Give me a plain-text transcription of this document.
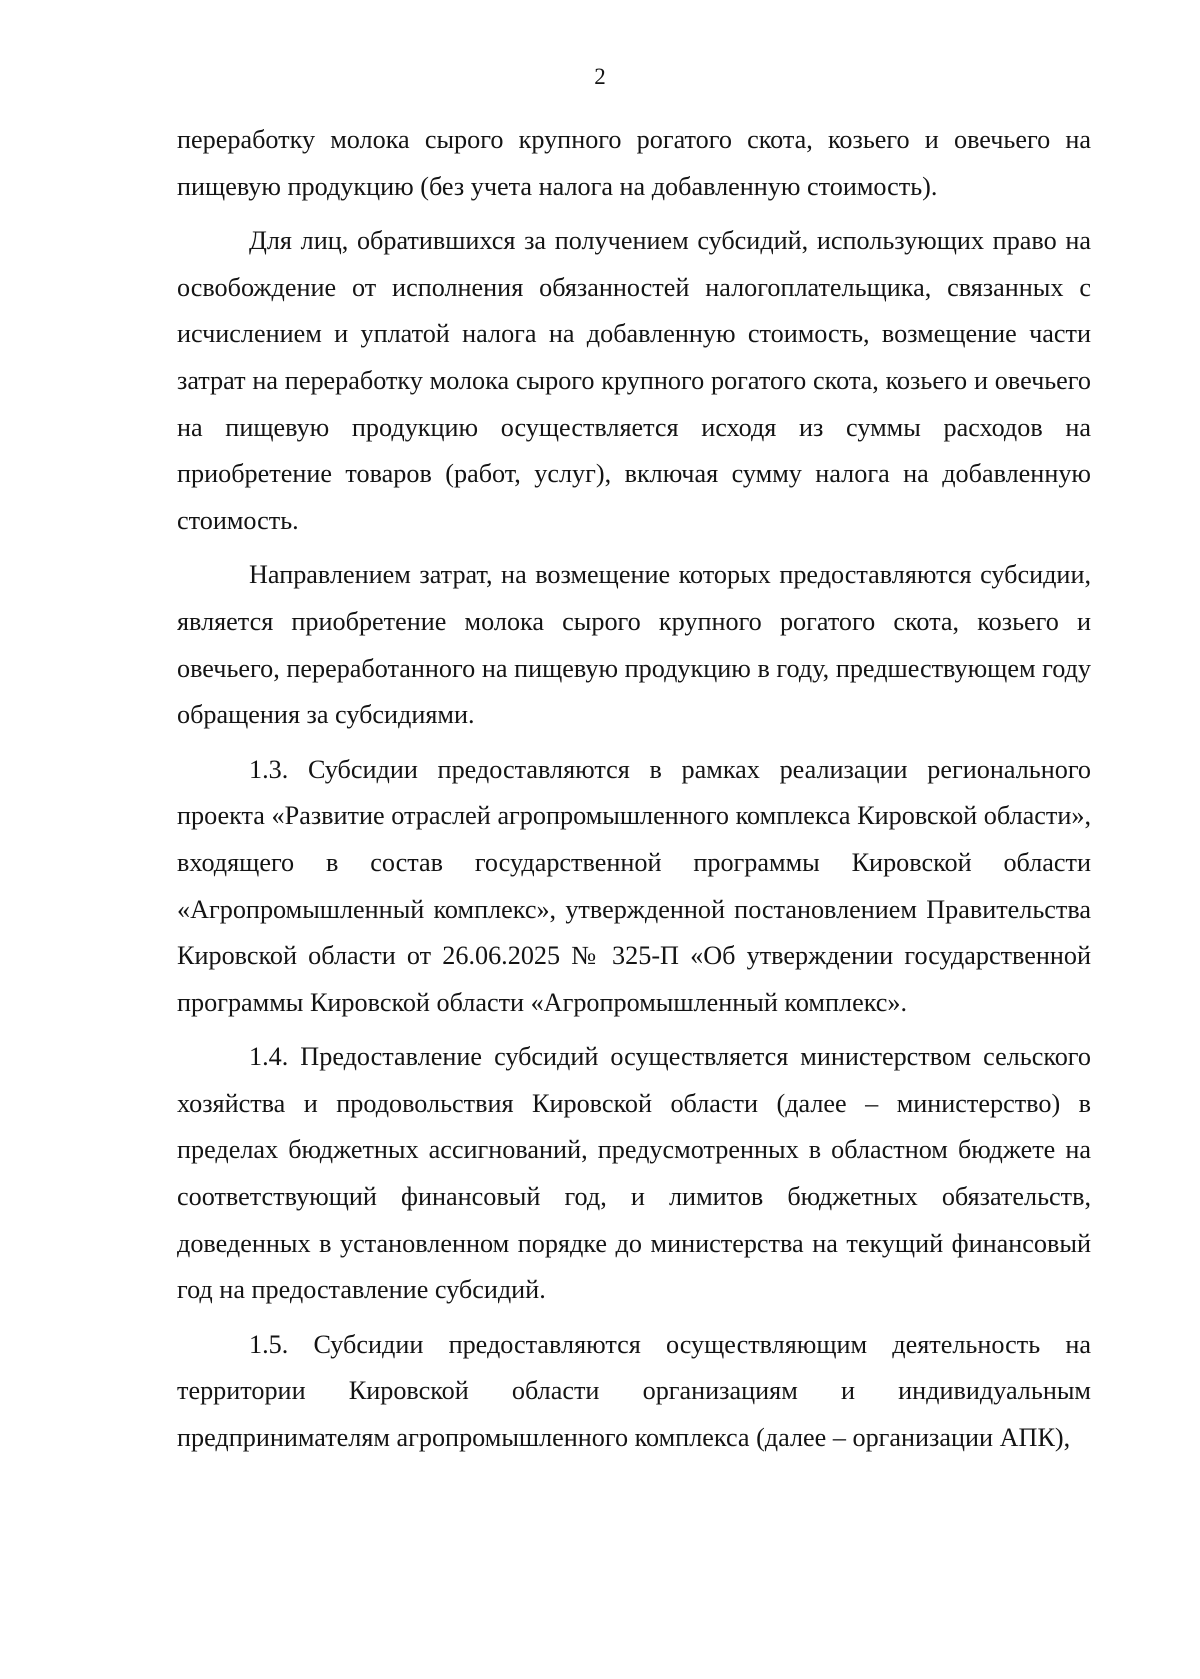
2

переработку молока сырого крупного рогатого скота, козьего и овечьего на пищевую продукцию (без учета налога на добавленную стоимость).

Для лиц, обратившихся за получением субсидий, использующих право на освобождение от исполнения обязанностей налогоплательщика, связанных с исчислением и уплатой налога на добавленную стоимость, возмещение части затрат на переработку молока сырого крупного рогатого скота, козьего и овечьего на пищевую продукцию осуществляется исходя из суммы расходов на приобретение товаров (работ, услуг), включая сумму налога на добавленную стоимость.

Направлением затрат, на возмещение которых предоставляются субсидии, является приобретение молока сырого крупного рогатого скота, козьего и овечьего, переработанного на пищевую продукцию в году, предшествующем году обращения за субсидиями.

1.3. Субсидии предоставляются в рамках реализации регионального проекта «Развитие отраслей агропромышленного комплекса Кировской области», входящего в состав государственной программы Кировской области «Агропромышленный комплекс», утвержденной постановлением Правительства Кировской области от 26.06.2025 № 325-П «Об утверждении государственной программы Кировской области «Агропромышленный комплекс».

1.4. Предоставление субсидий осуществляется министерством сельского хозяйства и продовольствия Кировской области (далее – министерство) в пределах бюджетных ассигнований, предусмотренных в областном бюджете на соответствующий финансовый год, и лимитов бюджетных обязательств, доведенных в установленном порядке до министерства на текущий финансовый год на предоставление субсидий.

1.5. Субсидии предоставляются осуществляющим деятельность на территории Кировской области организациям и индивидуальным предпринимателям агропромышленного комплекса (далее – организации АПК),
